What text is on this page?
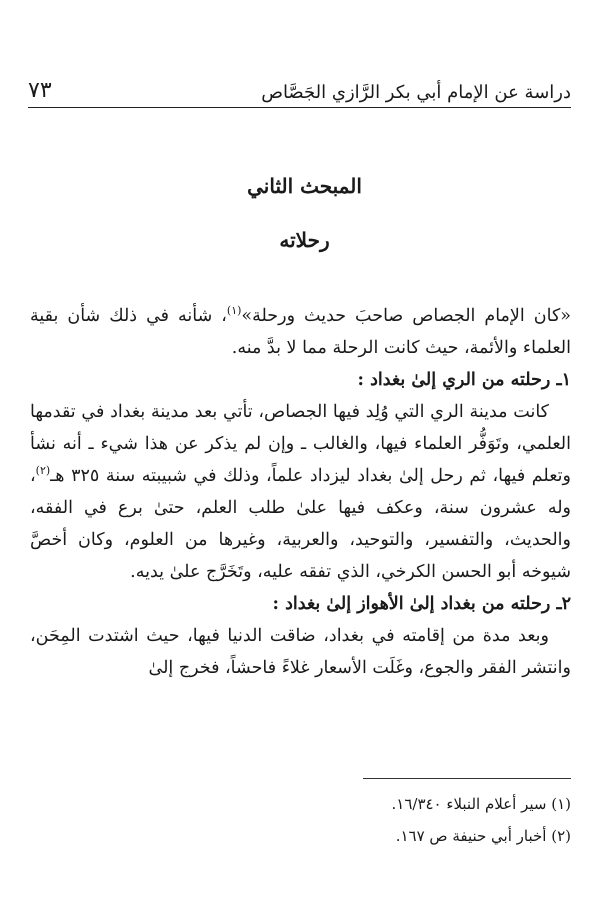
٧٣	دراسة عن الإمام أبي بكر الرَّازي الجَصَّاص
المبحث الثاني
رحلاته

«كان الإمام الجصاص صاحبَ حديث ورحلة»$^{(١)}$، شأنه في ذلك شأن بقية العلماء والأئمة، حيث كانت الرحلة مما لا بدَّ منه.

١ـ رحلته من الري إلىٰ بغداد :

كانت مدينة الري التي وُلِد فيها الجصاص، تأتي بعد مدينة بغداد في تقدمها العلمي، وتَوَفُّر العلماء فيها، والغالب ـ وإن لم يذكر عن هذا شيء ـ أنه نشأ وتعلم فيها، ثم رحل إلىٰ بغداد ليزداد علماً، وذلك في شبيبته سنة ٣٢٥ هـ$^{(٢)}$، وله عشرون سنة، وعكف فيها علىٰ طلب العلم، حتىٰ برع في الفقه، والحديث، والتفسير، والتوحيد، والعربية، وغيرها من العلوم، وكان أخصَّ شيوخه أبو الحسن الكرخي، الذي تفقه عليه، وتَخَرَّج علىٰ يديه.

٢ـ رحلته من بغداد إلىٰ الأهواز إلىٰ بغداد :

وبعد مدة من إقامته في بغداد، ضاقت الدنيا فيها، حيث اشتدت المِحَن، وانتشر الفقر والجوع، وغَلَت الأسعار غلاءً فاحشاً، فخرج إلىٰ

(١) سير أعلام النبلاء ١٦/٣٤٠.

(٢) أخبار أبي حنيفة ص ١٦٧.
